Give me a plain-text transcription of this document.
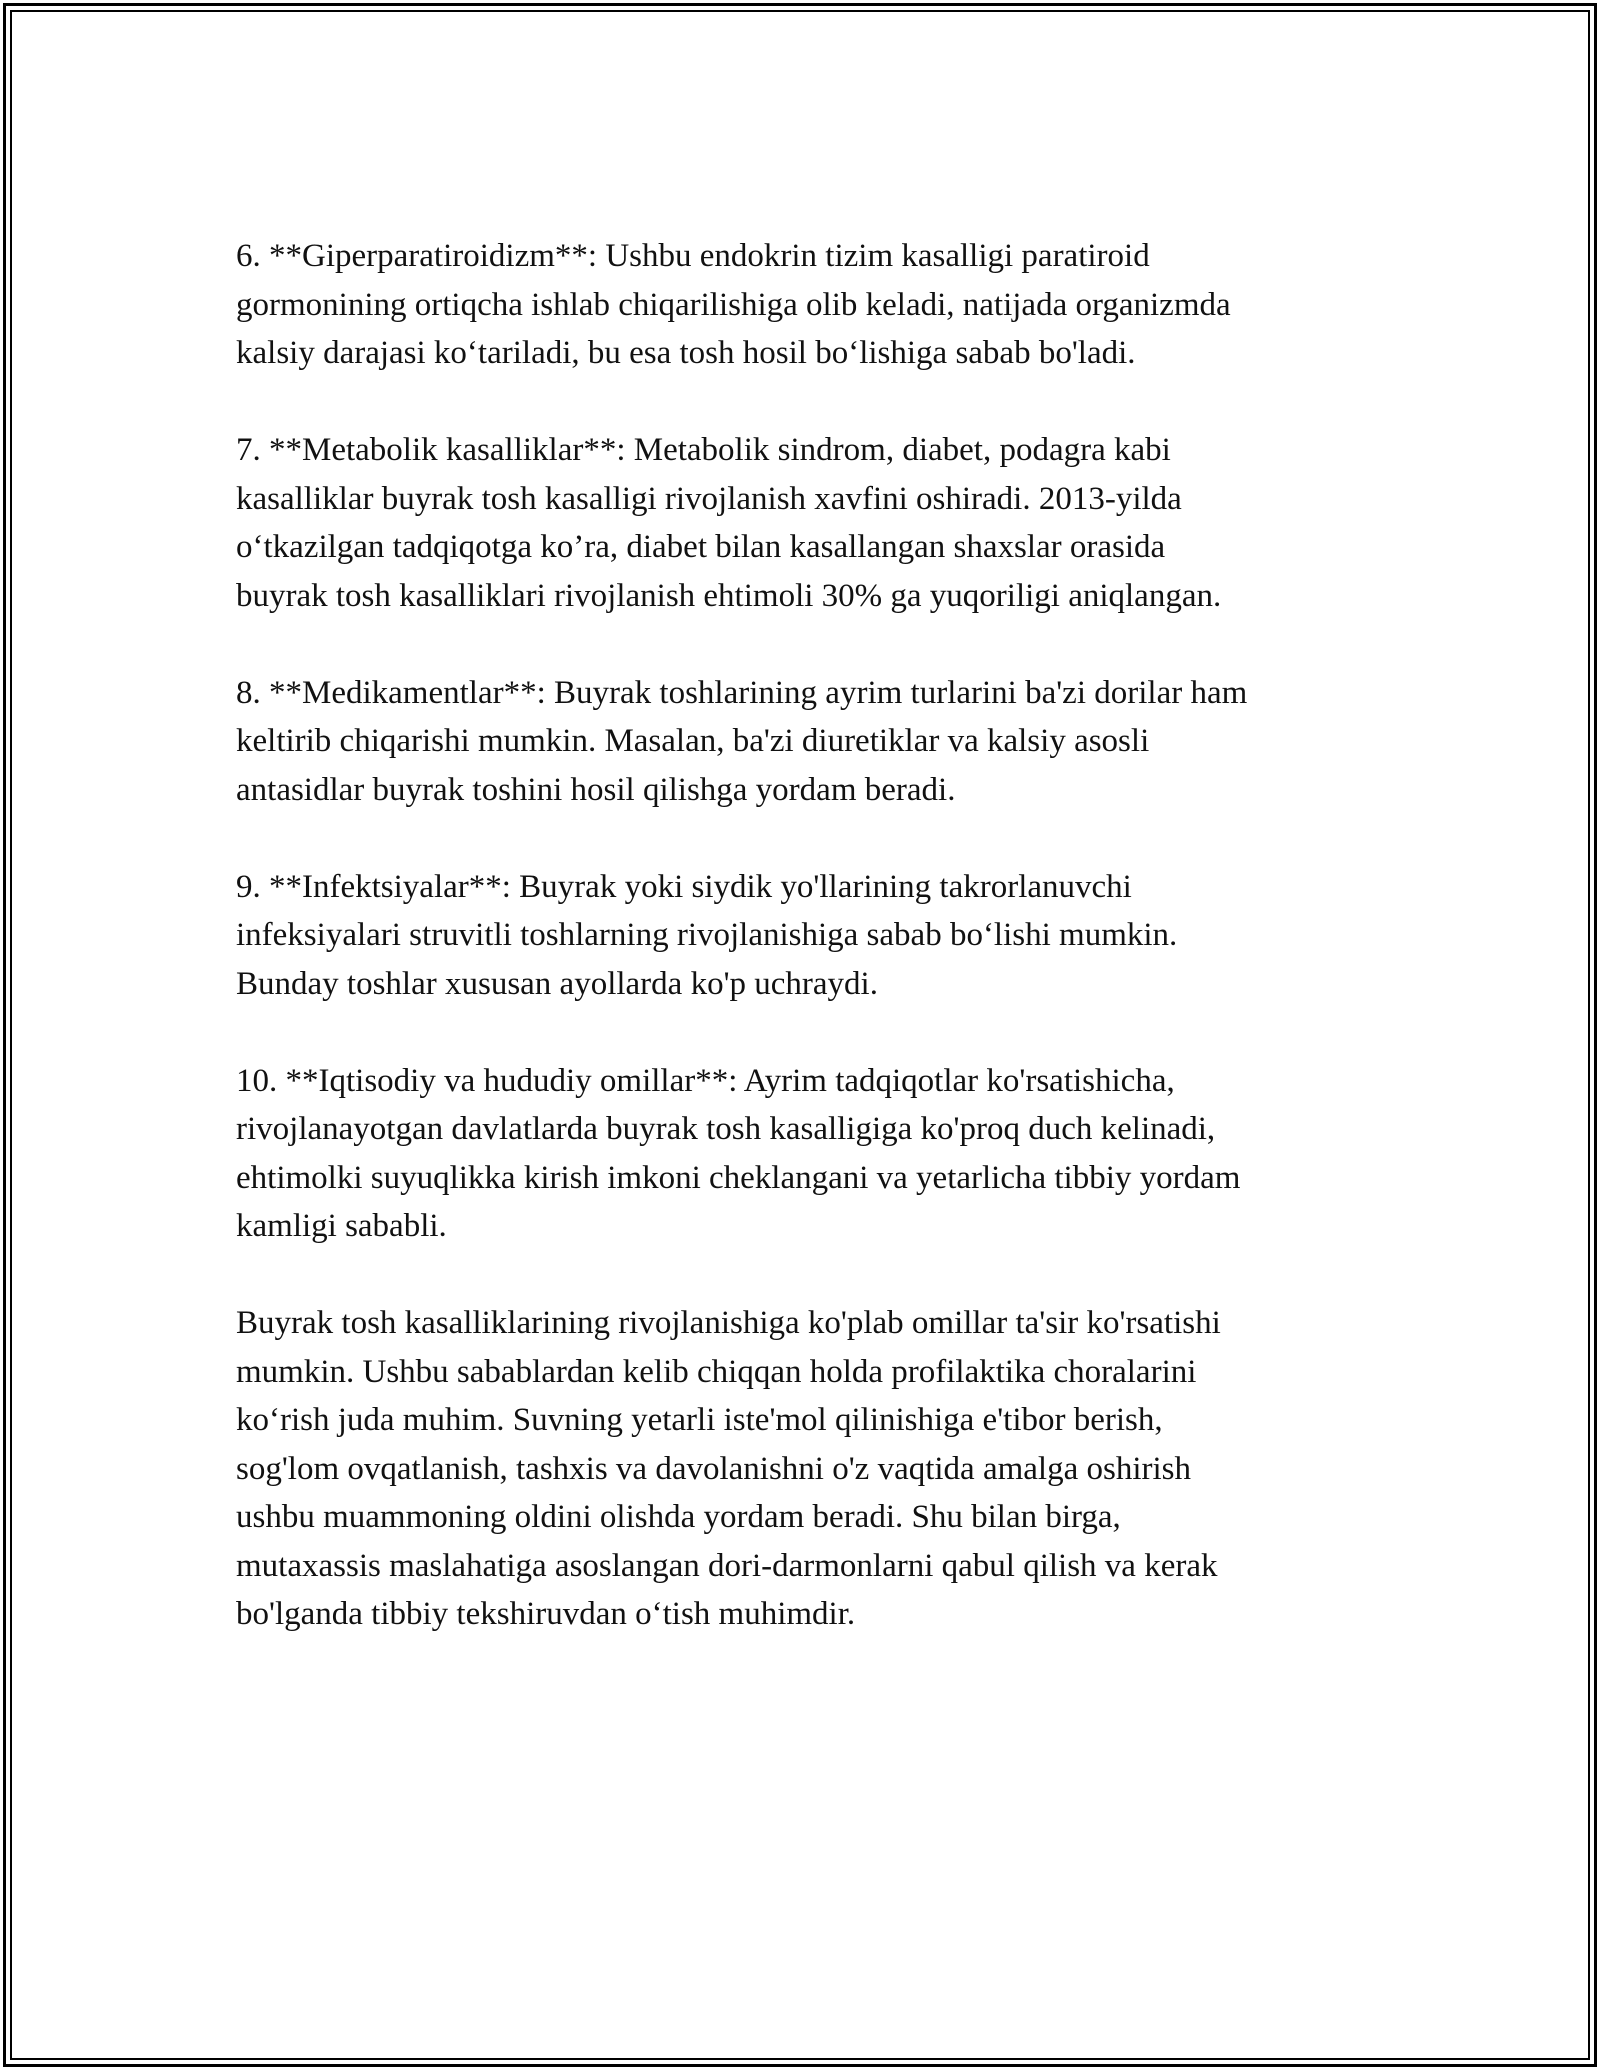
6. **Giperparatiroidizm**: Ushbu endokrin tizim kasalligi paratiroid
gormonining ortiqcha ishlab chiqarilishiga olib keladi, natijada organizmda
kalsiy darajasi ko‘tariladi, bu esa tosh hosil bo‘lishiga sabab bo'ladi.

7. **Metabolik kasalliklar**: Metabolik sindrom, diabet, podagra kabi
kasalliklar buyrak tosh kasalligi rivojlanish xavfini oshiradi. 2013-yilda
o‘tkazilgan tadqiqotga ko’ra, diabet bilan kasallangan shaxslar orasida
buyrak tosh kasalliklari rivojlanish ehtimoli 30% ga yuqoriligi aniqlangan.

8. **Medikamentlar**: Buyrak toshlarining ayrim turlarini ba'zi dorilar ham
keltirib chiqarishi mumkin. Masalan, ba'zi diuretiklar va kalsiy asosli
antasidlar buyrak toshini hosil qilishga yordam beradi.

9. **Infektsiyalar**: Buyrak yoki siydik yo'llarining takrorlanuvchi
infeksiyalari struvitli toshlarning rivojlanishiga sabab bo‘lishi mumkin.
Bunday toshlar xususan ayollarda ko'p uchraydi.

10. **Iqtisodiy va hududiy omillar**: Ayrim tadqiqotlar ko'rsatishicha,
rivojlanayotgan davlatlarda buyrak tosh kasalligiga ko'proq duch kelinadi,
ehtimolki suyuqlikka kirish imkoni cheklangani va yetarlicha tibbiy yordam
kamligi sababli.

Buyrak tosh kasalliklarining rivojlanishiga ko'plab omillar ta'sir ko'rsatishi
mumkin. Ushbu sabablardan kelib chiqqan holda profilaktika choralarini
ko‘rish juda muhim. Suvning yetarli iste'mol qilinishiga e'tibor berish,
sog'lom ovqatlanish, tashxis va davolanishni o'z vaqtida amalga oshirish
ushbu muammoning oldini olishda yordam beradi. Shu bilan birga,
mutaxassis maslahatiga asoslangan dori-darmonlarni qabul qilish va kerak
bo'lganda tibbiy tekshiruvdan o‘tish muhimdir.
